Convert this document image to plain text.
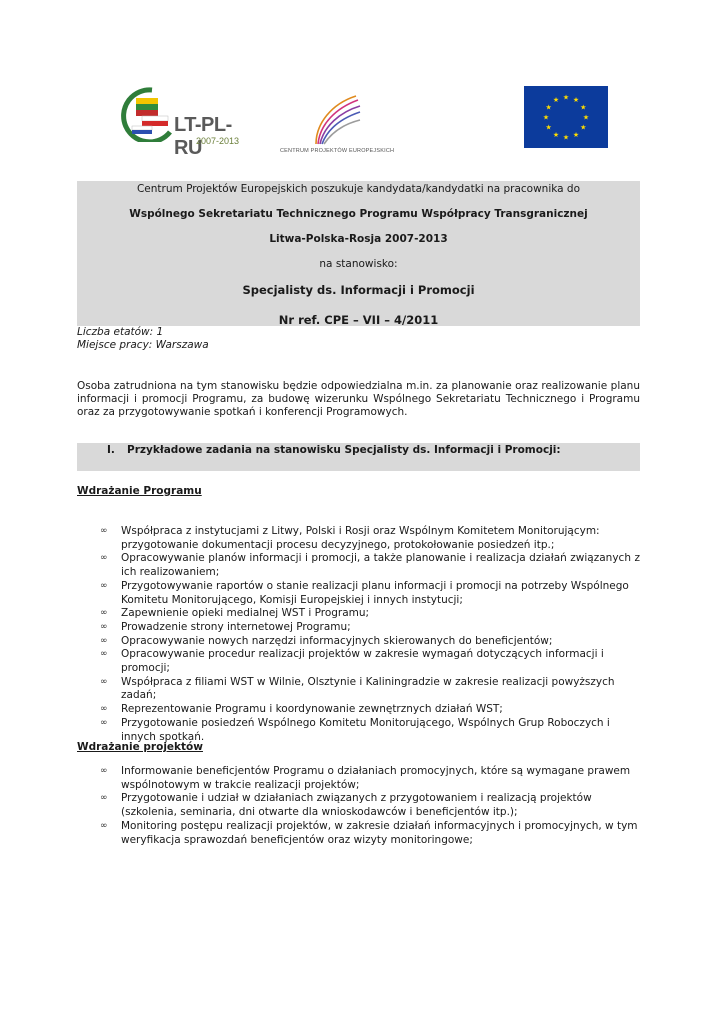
LT-PL-RU
2007-2013
CENTRUM PROJEKTÓW EUROPEJSKICH
★ ★
★
★
★
★
★
★
★
★
★
★
Centrum Projektów Europejskich poszukuje kandydata/kandydatki na pracownika do
Wspólnego Sekretariatu Technicznego Programu Współpracy Transgranicznej
Litwa-Polska-Rosja 2007-2013
na stanowisko:
Specjalisty ds. Informacji i Promocji
Nr ref. CPE – VII – 4/2011
Liczba etatów: 1
Miejsce pracy: Warszawa
Osoba zatrudniona na tym stanowisku będzie odpowiedzialna m.in. za planowanie oraz realizowanie planu informacji i promocji Programu, za budowę wizerunku Wspólnego Sekretariatu Technicznego i Programu oraz za przygotowywanie spotkań i konferencji Programowych.
I. Przykładowe zadania na stanowisku Specjalisty ds. Informacji i Promocji:
Wdrażanie Programu
∞ Współpraca z instytucjami z Litwy, Polski i Rosji oraz Wspólnym Komitetem Monitorującym: przygotowanie dokumentacji procesu decyzyjnego, protokołowanie posiedzeń itp.;
∞ Opracowywanie planów informacji i promocji, a także planowanie i realizacja działań związanych z ich realizowaniem;
∞ Przygotowywanie raportów o stanie realizacji planu informacji i promocji na potrzeby Wspólnego Komitetu Monitorującego, Komisji Europejskiej i innych instytucji;
∞ Zapewnienie opieki medialnej WST i Programu;
∞ Prowadzenie strony internetowej Programu;
∞ Opracowywanie nowych narzędzi informacyjnych skierowanych do beneficjentów;
∞ Opracowywanie procedur realizacji projektów w zakresie wymagań dotyczących informacji i promocji;
∞ Współpraca z filiami WST w Wilnie, Olsztynie i Kaliningradzie w zakresie realizacji powyższych zadań;
∞ Reprezentowanie Programu i koordynowanie zewnętrznych działań WST;
∞ Przygotowanie posiedzeń Wspólnego Komitetu Monitorującego, Wspólnych Grup Roboczych i innych spotkań.
Wdrażanie projektów
∞ Informowanie beneficjentów Programu o działaniach promocyjnych, które są wymagane prawem wspólnotowym w trakcie realizacji projektów;
∞ Przygotowanie i udział w działaniach związanych z przygotowaniem i realizacją projektów (szkolenia, seminaria, dni otwarte dla wnioskodawców i beneficjentów itp.);
∞ Monitoring postępu realizacji projektów, w zakresie działań informacyjnych i promocyjnych, w tym weryfikacja sprawozdań beneficjentów oraz wizyty monitoringowe;
